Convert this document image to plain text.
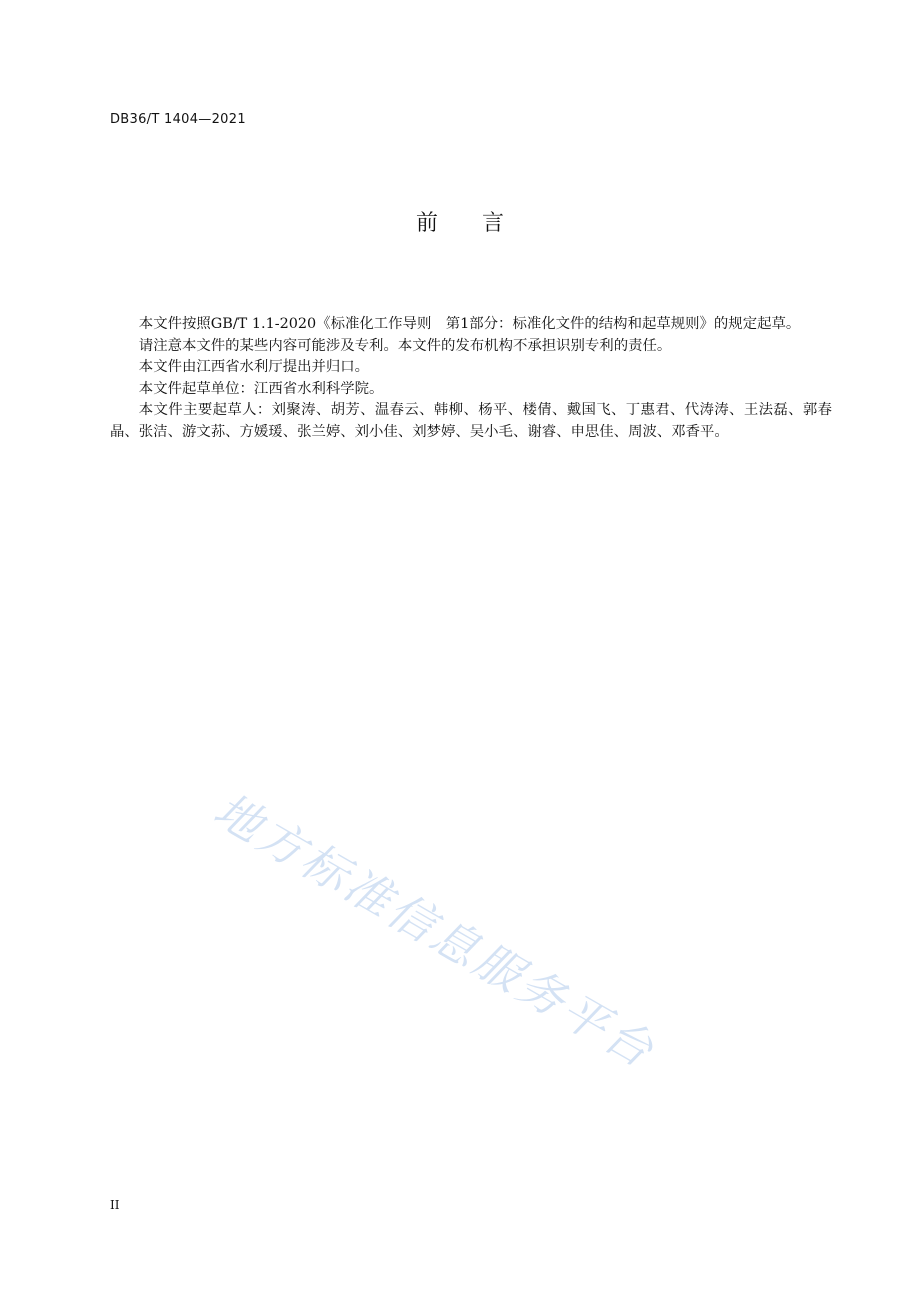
DB36/T 1404—2021
前言

本文件按照GB/T 1.1-2020《标准化工作导则　第1部分：标准化文件的结构和起草规则》的规定起草。

请注意本文件的某些内容可能涉及专利。本文件的发布机构不承担识别专利的责任。

本文件由江西省水利厅提出并归口。

本文件起草单位：江西省水利科学院。

本文件主要起草人：刘聚涛、胡芳、温春云、韩柳、杨平、楼倩、戴国飞、丁惠君、代涛涛、王法磊、郭春晶、张洁、游文荪、方媛瑗、张兰婷、刘小佳、刘梦婷、吴小毛、谢睿、申思佳、周波、邓香平。

地方标准信息服务平台
II
